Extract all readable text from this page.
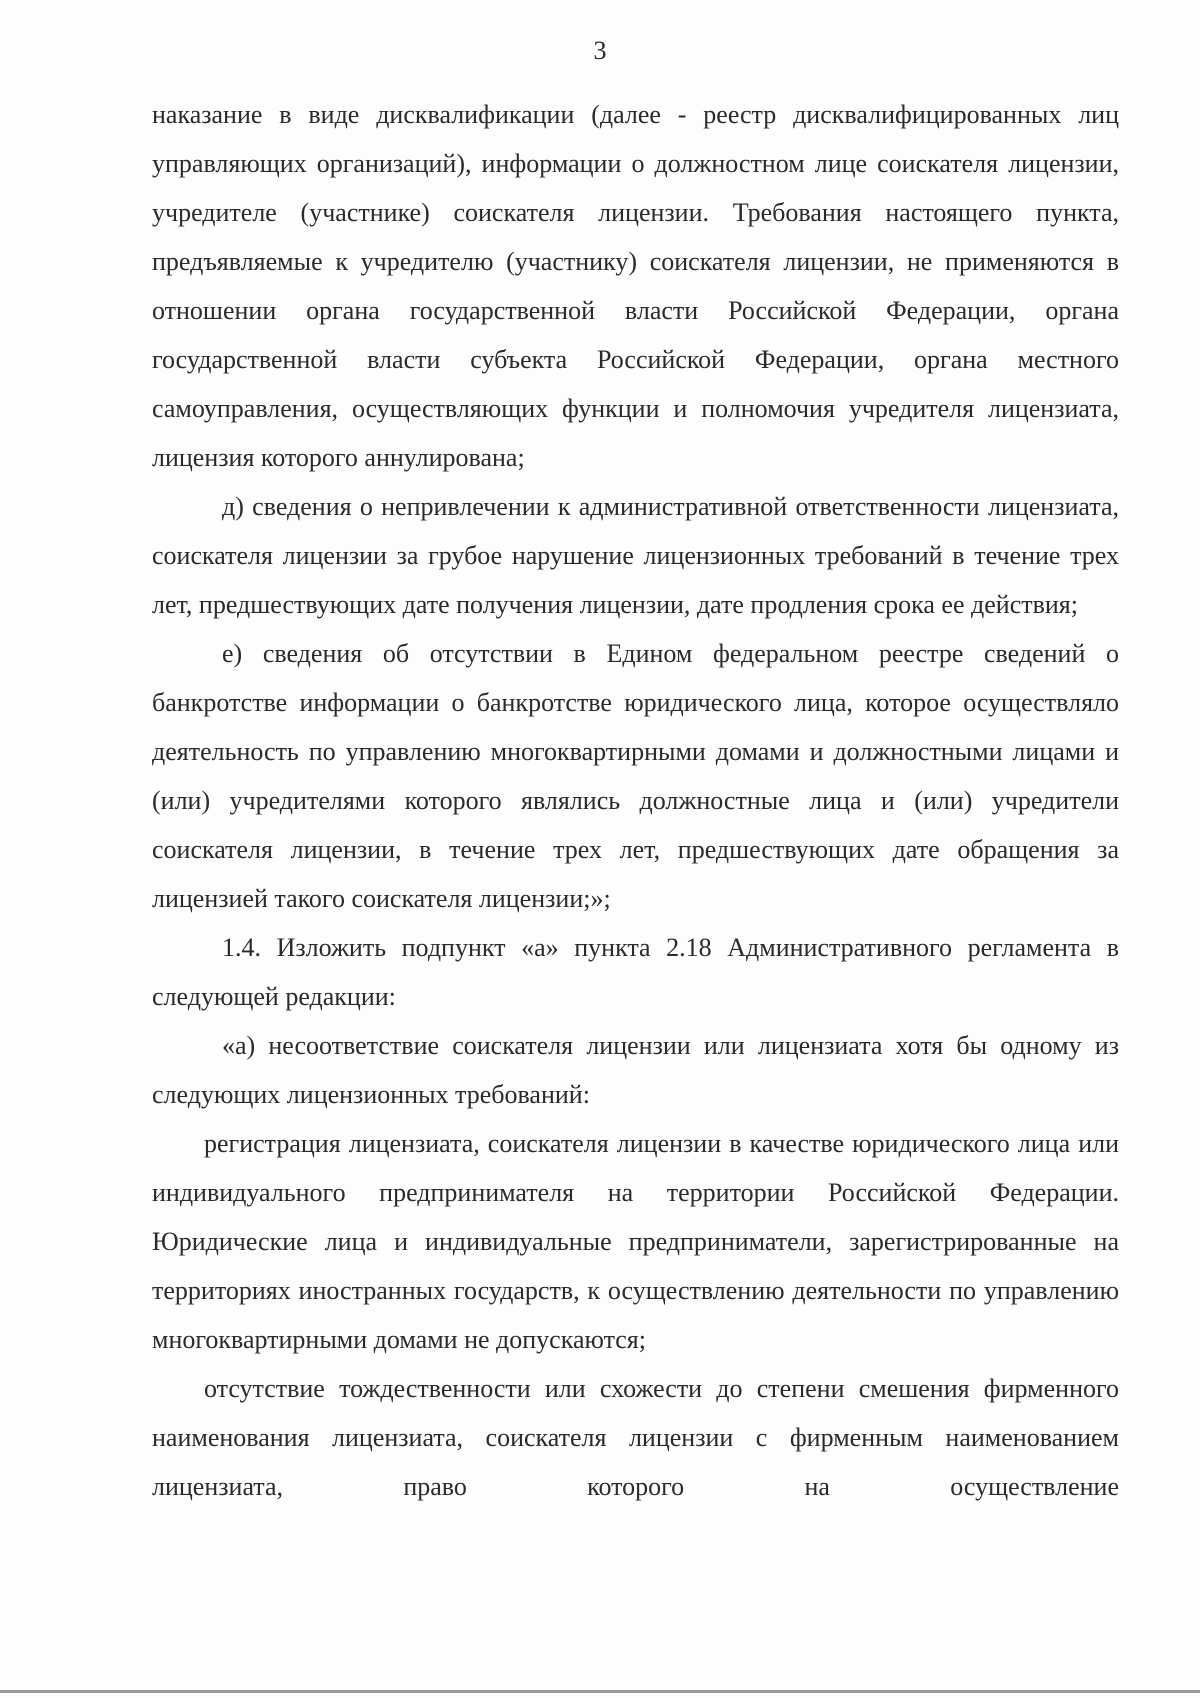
3

наказание в виде дисквалификации (далее - реестр дисквалифицированных лиц управляющих организаций), информации о должностном лице соискателя лицензии, учредителе (участнике) соискателя лицензии. Требования настоящего пункта, предъявляемые к учредителю (участнику) соискателя лицензии, не применяются в отношении органа государственной власти Российской Федерации, органа государственной власти субъекта Российской Федерации, органа местного самоуправления, осуществляющих функции и полномочия учредителя лицензиата, лицензия которого аннулирована;

д) сведения о непривлечении к административной ответственности лицензиата, соискателя лицензии за грубое нарушение лицензионных требований в течение трех лет, предшествующих дате получения лицензии, дате продления срока ее действия;

е) сведения об отсутствии в Едином федеральном реестре сведений о банкротстве информации о банкротстве юридического лица, которое осуществляло деятельность по управлению многоквартирными домами и должностными лицами и (или) учредителями которого являлись должностные лица и (или) учредители соискателя лицензии, в течение трех лет, предшествующих дате обращения за лицензией такого соискателя лицензии;»;

1.4. Изложить подпункт «а» пункта 2.18 Административного регламента в следующей редакции:

«а) несоответствие соискателя лицензии или лицензиата хотя бы одному из следующих лицензионных требований:

регистрация лицензиата, соискателя лицензии в качестве юридического лица или индивидуального предпринимателя на территории Российской Федерации. Юридические лица и индивидуальные предприниматели, зарегистрированные на территориях иностранных государств, к осуществлению деятельности по управлению многоквартирными домами не допускаются;

отсутствие тождественности или схожести до степени смешения фирменного наименования лицензиата, соискателя лицензии с фирменным наименованием лицензиата, право которого на осуществление
